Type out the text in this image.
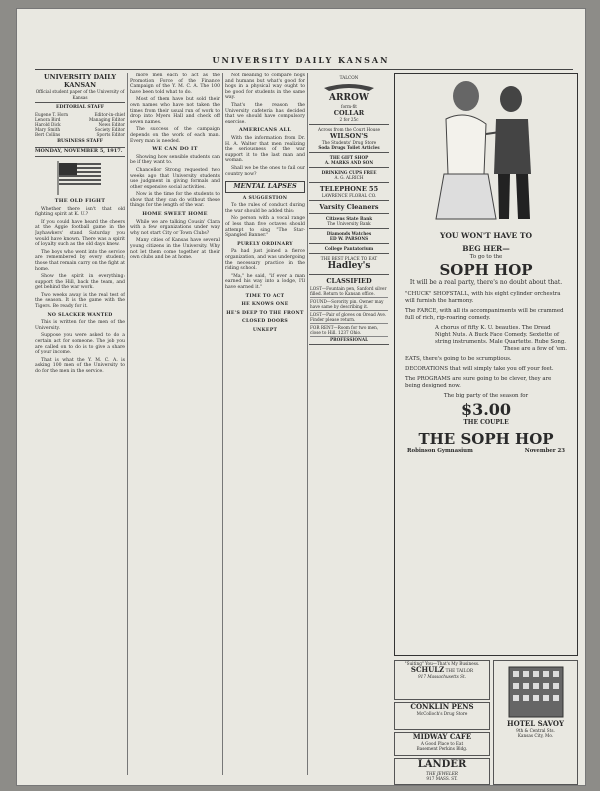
UNIVERSITY DAILY KANSAN
UNIVERSITY DAILY KANSAN
Official student paper of the University of Kansas
EDITORIAL STAFF
Eugene T. Horn	Editor-in-chief
Lenora Bird	Managing Editor
Harold Dick	News Editor
Mary Smith	Society Editor
Bert Collins	Sports Editor
BUSINESS STAFF
MONDAY, NOVEMBER 5, 1917.
THE OLD FIGHT

Whether there isn't that old fighting spirit at K. U.?

If you could have heard the cheers at the Aggie football game in the Jayhawkers' stand Saturday you would have known. There was a spirit of loyalty such as the old days knew.

The boys who went into the service are remembered by every student; those that remain carry on the fight at home.

Show the spirit in everything: support the Hill, back the team, and get behind the war work.

Two weeks away is the real test of the season. It is the game with the Tigers. Be ready for it.

NO SLACKER WANTED

This is written for the men of the University.

Suppose you were asked to do a certain act for someone. The job you are called on to do is to give a share of your income.

That is what the Y. M. C. A. is asking 100 men of the University to do for the men in the service.

more men each to act as the Promotion Force of the Finance Campaign of the Y. M. C. A. The 100 have been told what to do.

Most of them have but sold their own names who have not taken the times from their usual run of work to drop into Myers Hall and check off seven names.

The success of the campaign depends on the work of each man. Every man is needed.

WE CAN DO IT

Showing how sensible students can be if they want to.

Chancellor Strong requested two weeks ago that University students use judgment in giving formals and other expensive social activities.

Now is the time for the students to show that they can do without these things for the length of the war.

HOME SWEET HOME

While we are talking Cousin' Clara with a few organizations under way why not start City or Town Clubs?

Many cities of Kansas have several young citizens in the University. Why not let them come together at their own clubs and be at home.

Not meaning to compare hogs and humans but what's good for hogs in a physical way ought to be good for students in the same way.

That's the reason the University cafeteria has decided that we should have compulsory exercise.

AMERICANS ALL

With the information from Dr. H. A. Walter that men realizing the seriousness of the war support it to the last man and woman.

Shall we be the ones to fail our country now?

MENTAL LAPSES
A SUGGESTION

To the rules of conduct during the war should be added this:

No person with a vocal range of less than five octaves should attempt to sing "The Star-Spangled Banner."

PURELY ORDINARY

Pa had just joined a fierce organization, and was undergoing the necessary practice in the riding school.

"Ma," he said, "if ever a man earned his way into a lodge, I'll have earned it."

TIME TO ACT
HE KNOWS ONE
HE'S DEEP TO THE FRONT
CLOSED DOORS
UNKEPT
TALCON
ARROW
form-fit
COLLAR
2 for 25c
Across from the Court House
WILSON'S
The Students' Drug Store
Soda Drugs Toilet Articles
THE GIFT SHOP
A. MARKS AND SON
DRINKING CUPS FREE
A. G. ALRICH
TELEPHONE 55
LAWRENCE FLORAL CO.
Varsity Cleaners
Citizens State Bank
The University Bank
Diamonds Watches
ED W. PARSONS
College Pantatorium
THE BEST PLACE TO EAT
Hadley's
CLASSIFIED
LOST—Fountain pen, Sanford silver filled. Return to Kansan office.
FOUND—Sorority pin. Owner may have same by describing it.
LOST—Pair of gloves on Oread Ave. Finder please return.
FOR RENT—Room for two men, close to Hill. 1237 Ohio.
PROFESSIONAL
YOU WON'T HAVE TO
BEG HER—
To go to the
SOPH HOP
It will be a real party, there's no doubt about that.
"CHUCK" SHOFSTALL, with his eight cylinder orchestra will furnish the harmony.
The FARCE, with all its accompaniments will be crammed full of rich, rip-roaring comedy.
A chorus of fifty K. U. beauties. The Dread Night Nuts. A Buck Face Comedy. Sextette of string instruments. Male Quartette. Rube Song.
These are a few of 'em.
EATS, there's going to be scrumptious.
DECORATIONS that will simply take you off your feet.
The PROGRAMS are sure going to be clever, they are being designed now.
The big party of the season for
$3.00
THE COUPLE
THE SOPH HOP
Robinson Gymnasium	November 23
"Suiting" You—That's My Business.
SCHULZ THE TAILOR
917 Massachusetts St.
CONKLIN PENS
McColloch's Drug Store
MIDWAY CAFE
A Good Place to Eat
Basement Perkins Bldg.
LANDER
THE JEWELER
917 MASS. ST.
HOTEL SAVOY
9th & Central Sts.
Kansas City, Mo.
